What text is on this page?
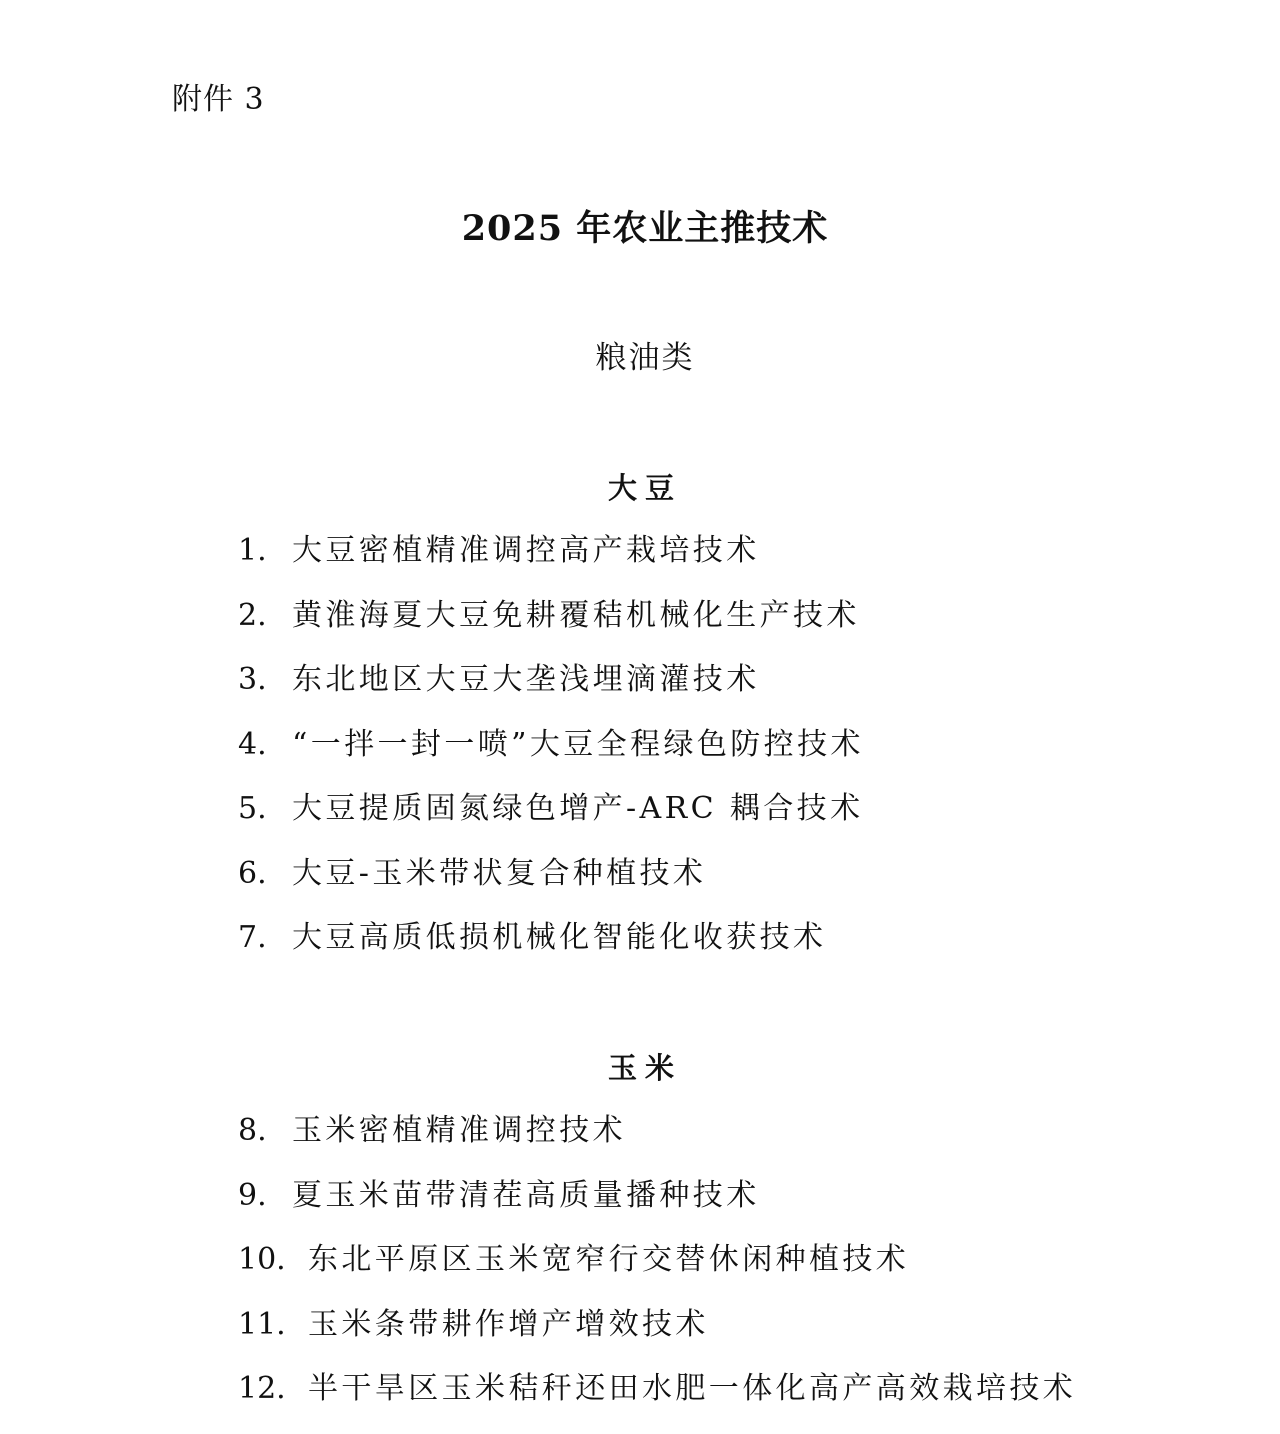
附件 3
2025 年农业主推技术
粮油类
大豆
1. 大豆密植精准调控高产栽培技术
2. 黄淮海夏大豆免耕覆秸机械化生产技术
3. 东北地区大豆大垄浅埋滴灌技术
4. “一拌一封一喷”大豆全程绿色防控技术
5. 大豆提质固氮绿色增产-ARC 耦合技术
6. 大豆-玉米带状复合种植技术
7. 大豆高质低损机械化智能化收获技术
玉米
8. 玉米密植精准调控技术
9. 夏玉米苗带清茬高质量播种技术
10. 东北平原区玉米宽窄行交替休闲种植技术
11. 玉米条带耕作增产增效技术
12. 半干旱区玉米秸秆还田水肥一体化高产高效栽培技术
